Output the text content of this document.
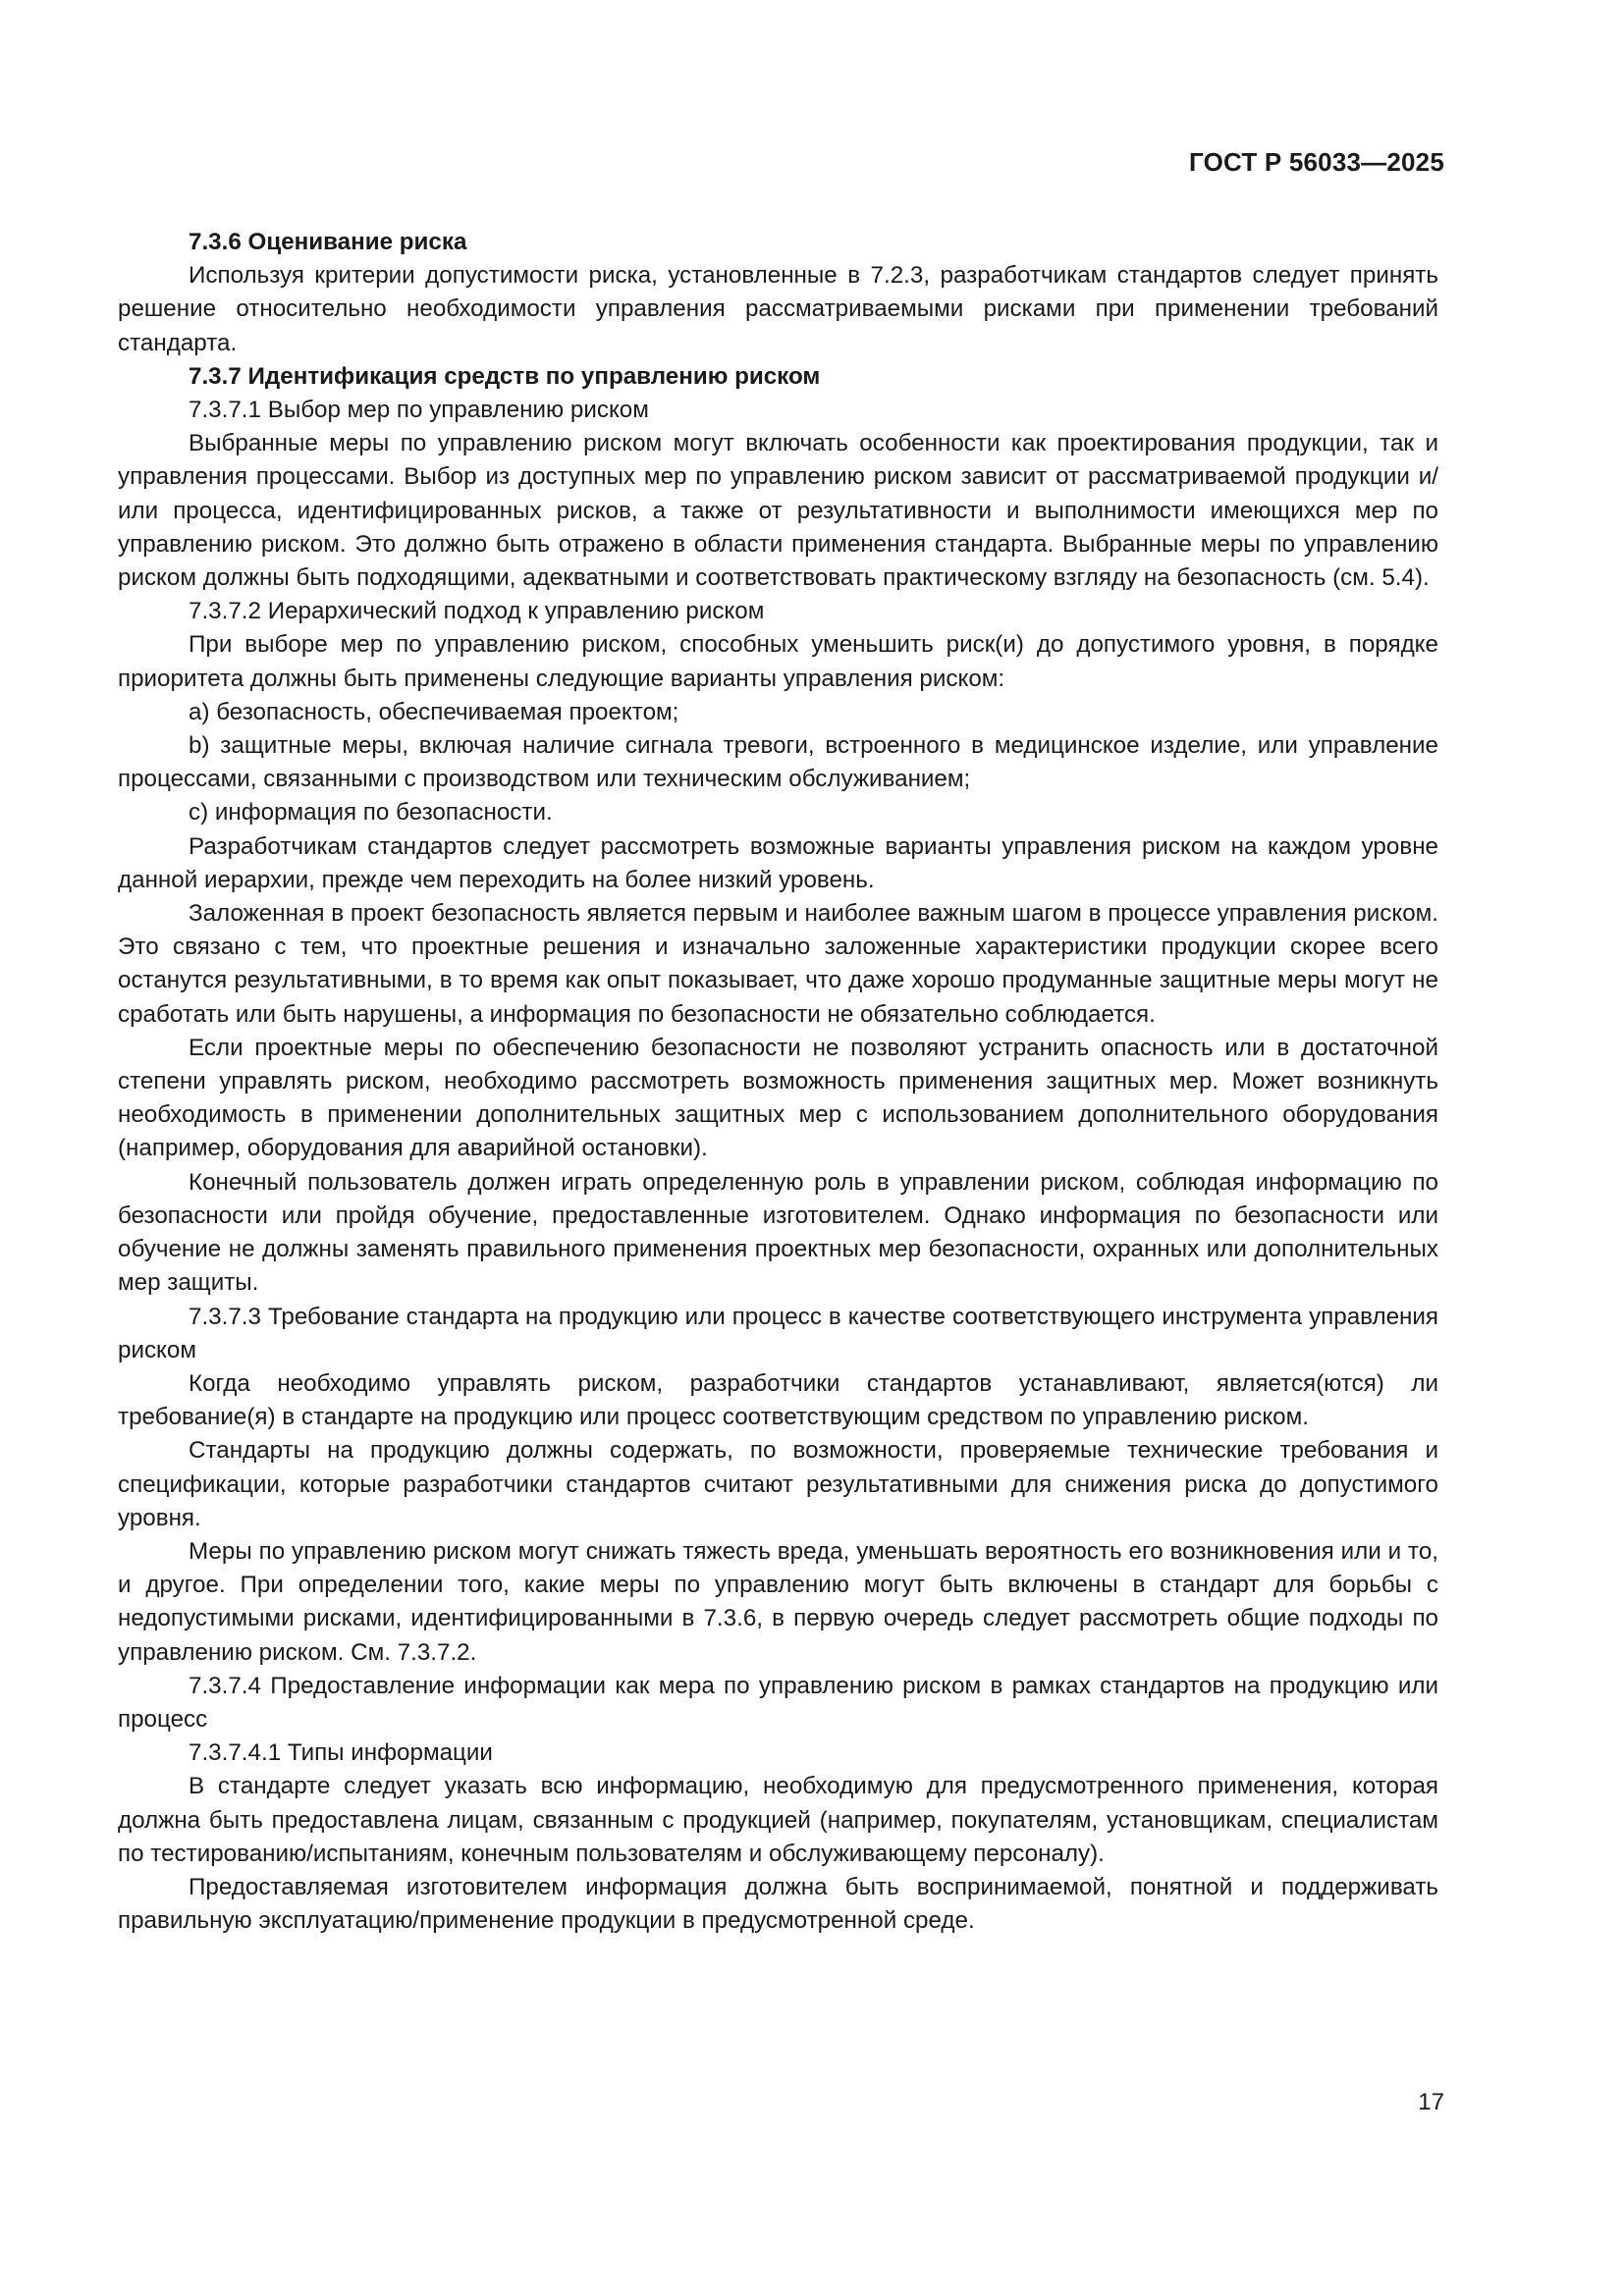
ГОСТ Р 56033—2025

7.3.6 Оценивание риска

Используя критерии допустимости риска, установленные в 7.2.3, разработчикам стандартов следует принять решение относительно необходимости управления рассматриваемыми рисками при применении требований стандарта.

7.3.7 Идентификация средств по управлению риском

7.3.7.1 Выбор мер по управлению риском

Выбранные меры по управлению риском могут включать особенности как проектирования продукции, так и управления процессами. Выбор из доступных мер по управлению риском зависит от рассматриваемой продукции и/или процесса, идентифицированных рисков, а также от результативности и выполнимости имеющихся мер по управлению риском. Это должно быть отражено в области применения стандарта. Выбранные меры по управлению риском должны быть подходящими, адекватными и соответствовать практическому взгляду на безопасность (см. 5.4).

7.3.7.2 Иерархический подход к управлению риском

При выборе мер по управлению риском, способных уменьшить риск(и) до допустимого уровня, в порядке приоритета должны быть применены следующие варианты управления риском:

a) безопасность, обеспечиваемая проектом;

b) защитные меры, включая наличие сигнала тревоги, встроенного в медицинское изделие, или управление процессами, связанными с производством или техническим обслуживанием;

c) информация по безопасности.

Разработчикам стандартов следует рассмотреть возможные варианты управления риском на каждом уровне данной иерархии, прежде чем переходить на более низкий уровень.

Заложенная в проект безопасность является первым и наиболее важным шагом в процессе управления риском. Это связано с тем, что проектные решения и изначально заложенные характеристики продукции скорее всего останутся результативными, в то время как опыт показывает, что даже хорошо продуманные защитные меры могут не сработать или быть нарушены, а информация по безопасности не обязательно соблюдается.

Если проектные меры по обеспечению безопасности не позволяют устранить опасность или в достаточной степени управлять риском, необходимо рассмотреть возможность применения защитных мер. Может возникнуть необходимость в применении дополнительных защитных мер с использованием дополнительного оборудования (например, оборудования для аварийной остановки).

Конечный пользователь должен играть определенную роль в управлении риском, соблюдая информацию по безопасности или пройдя обучение, предоставленные изготовителем. Однако информация по безопасности или обучение не должны заменять правильного применения проектных мер безопасности, охранных или дополнительных мер защиты.

7.3.7.3 Требование стандарта на продукцию или процесс в качестве соответствующего инструмента управления риском

Когда необходимо управлять риском, разработчики стандартов устанавливают, является(ются) ли требование(я) в стандарте на продукцию или процесс соответствующим средством по управлению риском.

Стандарты на продукцию должны содержать, по возможности, проверяемые технические требования и спецификации, которые разработчики стандартов считают результативными для снижения риска до допустимого уровня.

Меры по управлению риском могут снижать тяжесть вреда, уменьшать вероятность его возникновения или и то, и другое. При определении того, какие меры по управлению могут быть включены в стандарт для борьбы с недопустимыми рисками, идентифицированными в 7.3.6, в первую очередь следует рассмотреть общие подходы по управлению риском. См. 7.3.7.2.

7.3.7.4 Предоставление информации как мера по управлению риском в рамках стандартов на продукцию или процесс

7.3.7.4.1 Типы информации

В стандарте следует указать всю информацию, необходимую для предусмотренного применения, которая должна быть предоставлена лицам, связанным с продукцией (например, покупателям, установщикам, специалистам по тестированию/испытаниям, конечным пользователям и обслуживающему персоналу).

Предоставляемая изготовителем информация должна быть воспринимаемой, понятной и поддерживать правильную эксплуатацию/применение продукции в предусмотренной среде.

17
